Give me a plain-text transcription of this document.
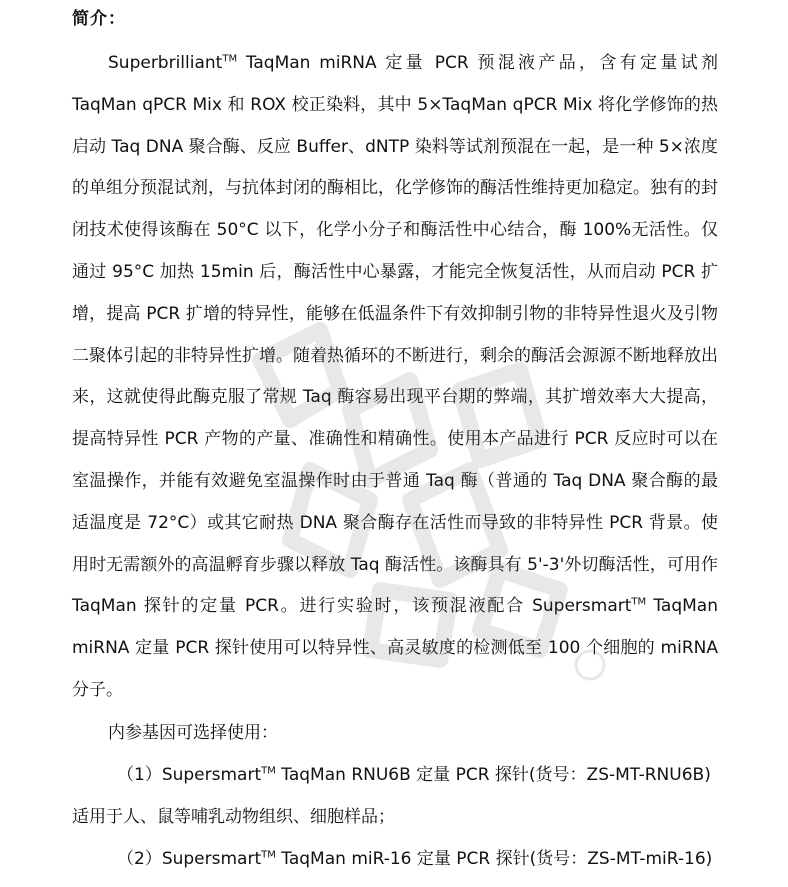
简介：

Superbrilliant™ TaqMan miRNA 定量 PCR 预混液产品，含有定量试剂 TaqMan qPCR Mix 和 ROX 校正染料，其中 5×TaqMan qPCR Mix 将化学修饰的热启动 Taq DNA 聚合酶、反应 Buffer、dNTP 染料等试剂预混在一起，是一种 5×浓度的单组分预混试剂，与抗体封闭的酶相比，化学修饰的酶活性维持更加稳定。独有的封闭技术使得该酶在 50°C 以下，化学小分子和酶活性中心结合，酶 100%无活性。仅通过 95°C 加热 15min 后，酶活性中心暴露，才能完全恢复活性，从而启动 PCR 扩增，提高 PCR 扩增的特异性，能够在低温条件下有效抑制引物的非特异性退火及引物二聚体引起的非特异性扩增。随着热循环的不断进行，剩余的酶活会源源不断地释放出来，这就使得此酶克服了常规 Taq 酶容易出现平台期的弊端，其扩增效率大大提高，提高特异性 PCR 产物的产量、准确性和精确性。使用本产品进行 PCR 反应时可以在室温操作，并能有效避免室温操作时由于普通 Taq 酶（普通的 Taq DNA 聚合酶的最适温度是 72°C）或其它耐热 DNA 聚合酶存在活性而导致的非特异性 PCR 背景。使用时无需额外的高温孵育步骤以释放 Taq 酶活性。该酶具有 5'-3'外切酶活性，可用作 TaqMan 探针的定量 PCR。进行实验时，该预混液配合 Supersmart™ TaqMan miRNA 定量 PCR 探针使用可以特异性、高灵敏度的检测低至 100 个细胞的 miRNA 分子。

内参基因可选择使用：

（1）Supersmart™ TaqMan RNU6B 定量 PCR 探针(货号：ZS-MT-RNU6B)

适用于人、鼠等哺乳动物组织、细胞样品；

（2）Supersmart™ TaqMan miR-16 定量 PCR 探针(货号：ZS-MT-miR-16)
